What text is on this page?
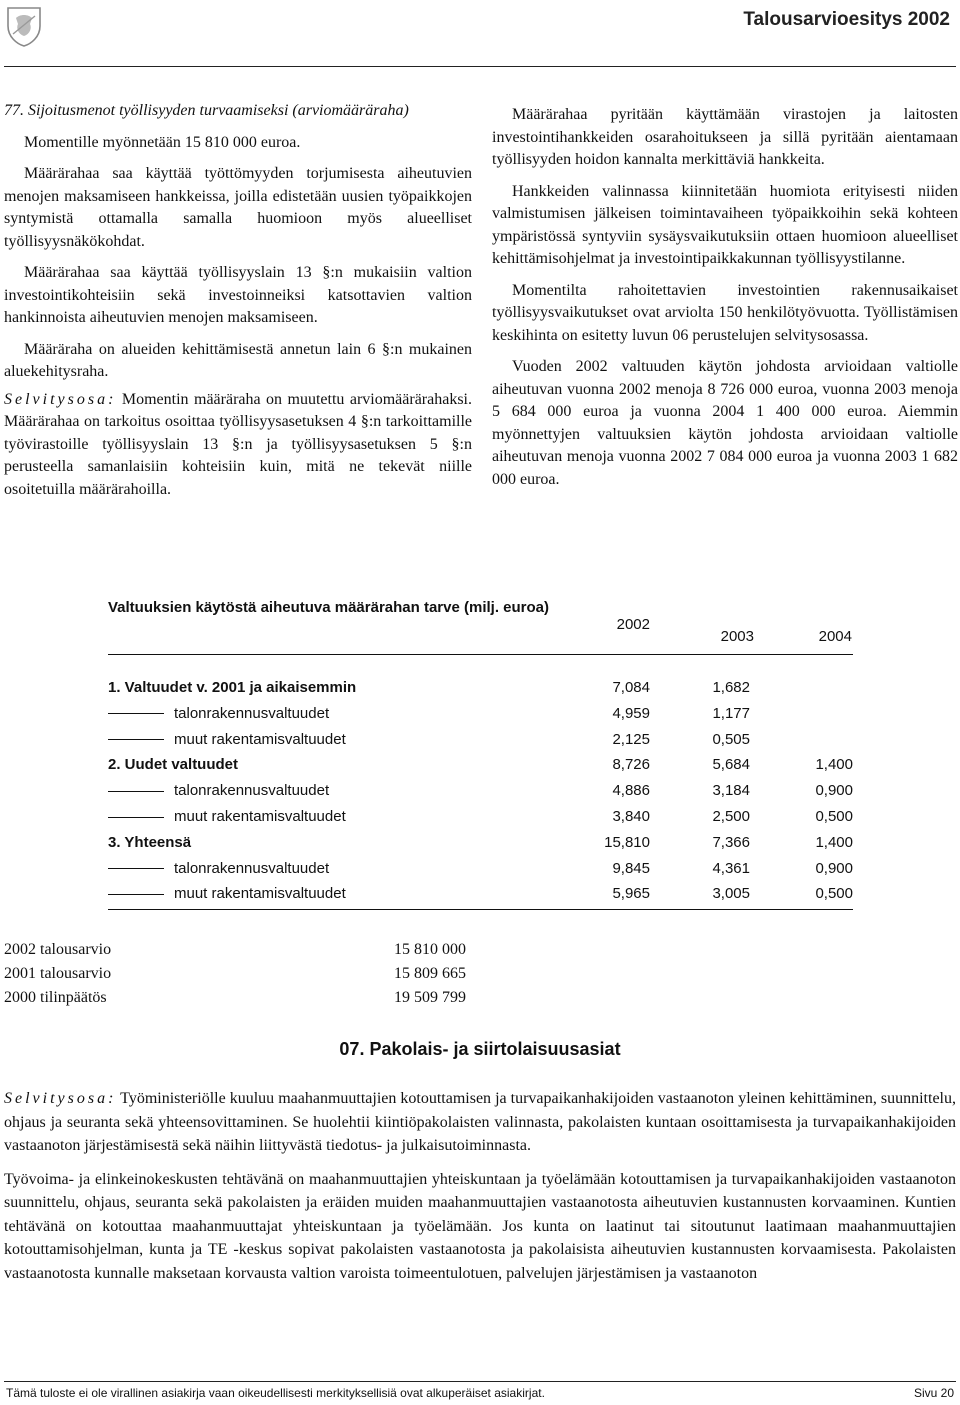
Talousarvioesitys 2002

77. Sijoitusmenot työllisyyden turvaamiseksi (arviomääräraha)

Momentille myönnetään 15 810 000 euroa.

Määrärahaa saa käyttää työttömyyden torjumisesta aiheutuvien menojen maksamiseen hankkeissa, joilla edistetään uusien työpaikkojen syntymistä ottamalla samalla huomioon myös alueelliset työllisyysnäkökohdat.

Määrärahaa saa käyttää työllisyyslain 13 §:n mukaisiin valtion investointikohteisiin sekä investoinneiksi katsottavien valtion hankinnoista aiheutuvien menojen maksamiseen.

Määräraha on alueiden kehittämisestä annetun lain 6 §:n mukainen aluekehitysraha.

Selvitysosa: Momentin määräraha on muutettu arviomäärärahaksi. Määrärahaa on tarkoitus osoittaa työllisyysasetuksen 4 §:n tarkoittamille työvirastoille työllisyyslain 13 §:n ja työllisyysasetuksen 5 §:n perusteella samanlaisiin kohteisiin kuin, mitä ne tekevät niille osoitetuilla määrärahoilla.

Määrärahaa pyritään käyttämään virastojen ja laitosten investointihankkeiden osarahoitukseen ja sillä pyritään aientamaan työllisyyden hoidon kannalta merkittäviä hankkeita.

Hankkeiden valinnassa kiinnitetään huomiota erityisesti niiden valmistumisen jälkeisen toimintavaiheen työpaikkoihin sekä kohteen ympäristössä syntyviin sysäysvaikutuksiin ottaen huomioon alueelliset kehittämisohjelmat ja investointipaikkakunnan työllisyystilanne.

Momentilta rahoitettavien investointien rakennusaikaiset työllisyysvaikutukset ovat arviolta 150 henkilötyövuotta. Työllistämisen keskihinta on esitetty luvun 06 perustelujen selvitysosassa.

Vuoden 2002 valtuuden käytön johdosta arvioidaan valtiolle aiheutuvan vuonna 2002 menoja 8 726 000 euroa, vuonna 2003 menoja 5 684 000 euroa ja vuonna 2004 1 400 000 euroa. Aiemmin myönnettyjen valtuuksien käytön johdosta arvioidaan valtiolle aiheutuvan menoja vuonna 2002 7 084 000 euroa ja vuonna 2003 1 682 000 euroa.

Valtuuksien käytöstä aiheutuva määrärahan tarve (milj. euroa)
2002
2003	2004
1. Valtuudet v. 2001 ja aikaisemmin	7,084	1,682
talonrakennusvaltuudet	4,959	1,177
muut rakentamisvaltuudet	2,125	0,505
2. Uudet valtuudet	8,726	5,684	1,400
talonrakennusvaltuudet	4,886	3,184	0,900
muut rakentamisvaltuudet	3,840	2,500	0,500
3. Yhteensä	15,810	7,366	1,400
talonrakennusvaltuudet	9,845	4,361	0,900
muut rakentamisvaltuudet	5,965	3,005	0,500
2002 talousarvio	15 810 000
2001 talousarvio	15 809 665
2000 tilinpäätös	19 509 799
07. Pakolais- ja siirtolaisuusasiat

Selvitysosa: Työministeriölle kuuluu maahanmuuttajien kotouttamisen ja turvapaikanhakijoiden vastaanoton yleinen kehittäminen, suunnittelu, ohjaus ja seuranta sekä yhteensovittaminen. Se huolehtii kiintiöpakolaisten valinnasta, pakolaisten kuntaan osoittamisesta ja turvapaikanhakijoiden vastaanoton järjestämisestä sekä näihin liittyvästä tiedotus- ja julkaisutoiminnasta.

Työvoima- ja elinkeinokeskusten tehtävänä on maahanmuuttajien yhteiskuntaan ja työelämään kotouttamisen ja turvapaikanhakijoiden vastaanoton suunnittelu, ohjaus, seuranta sekä pakolaisten ja eräiden muiden maahanmuuttajien vastaanotosta aiheutuvien kustannusten korvaaminen. Kuntien tehtävänä on kotouttaa maahanmuuttajat yhteiskuntaan ja työelämään. Jos kunta on laatinut tai sitoutunut laatimaan maahanmuuttajien kotouttamisohjelman, kunta ja TE -keskus sopivat pakolaisten vastaanotosta ja pakolaisista aiheutuvien kustannusten korvaamisesta. Pakolaisten vastaanotosta kunnalle maksetaan korvausta valtion varoista toimeentulotuen, palvelujen järjestämisen ja vastaanoton

Tämä tuloste ei ole virallinen asiakirja vaan oikeudellisesti merkityksellisiä ovat alkuperäiset asiakirjat.	Sivu 20
